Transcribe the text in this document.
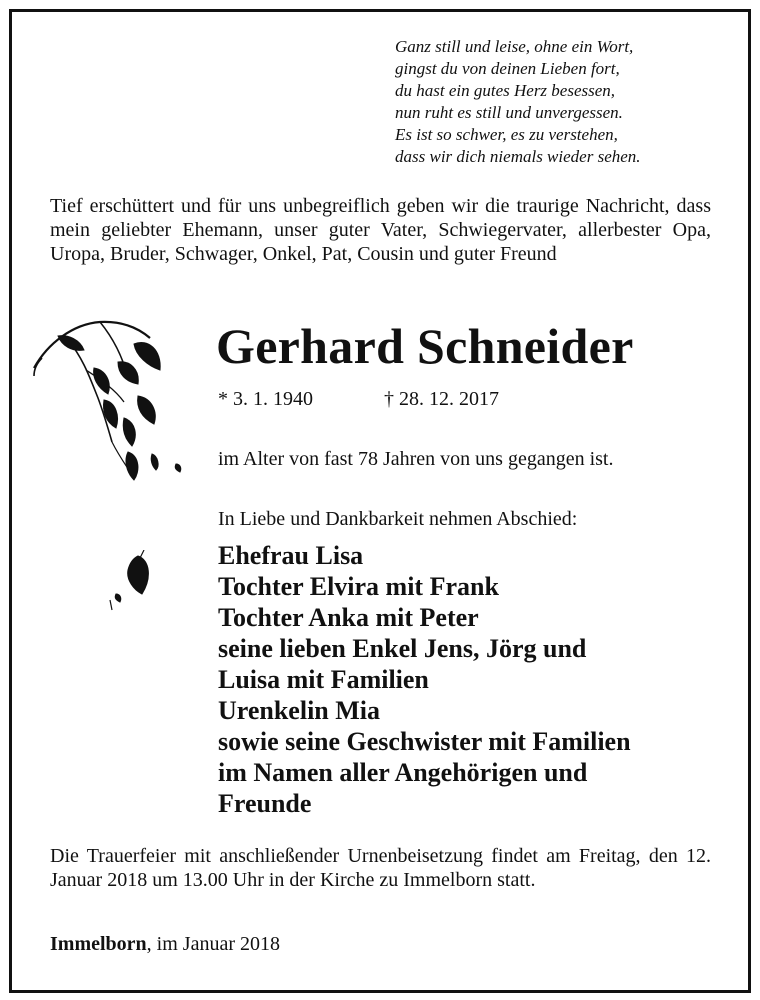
Ganz still und leise, ohne ein Wort,
gingst du von deinen Lieben fort,
du hast ein gutes Herz besessen,
nun ruht es still und unvergessen.
Es ist so schwer, es zu verstehen,
dass wir dich niemals wieder sehen.
Tief erschüttert und für uns unbegreiflich geben wir die traurige Nachricht, dass mein geliebter Ehemann, unser guter Vater, Schwiegervater, allerbester Opa, Uropa, Bruder, Schwager, Onkel, Pat, Cousin und guter Freund
Gerhard Schneider
* 3. 1. 1940	† 28. 12. 2017
im Alter von fast 78 Jahren von uns gegangen ist.
In Liebe und Dankbarkeit nehmen Abschied:
Ehefrau Lisa
Tochter Elvira mit Frank
Tochter Anka mit Peter
seine lieben Enkel Jens, Jörg und
Luisa mit Familien
Urenkelin Mia
sowie seine Geschwister mit Familien
im Namen aller Angehörigen und
Freunde
Die Trauerfeier mit anschließender Urnenbeisetzung findet am Freitag, den 12. Januar 2018 um 13.00 Uhr in der Kirche zu Immelborn statt.
Immelborn, im Januar 2018
